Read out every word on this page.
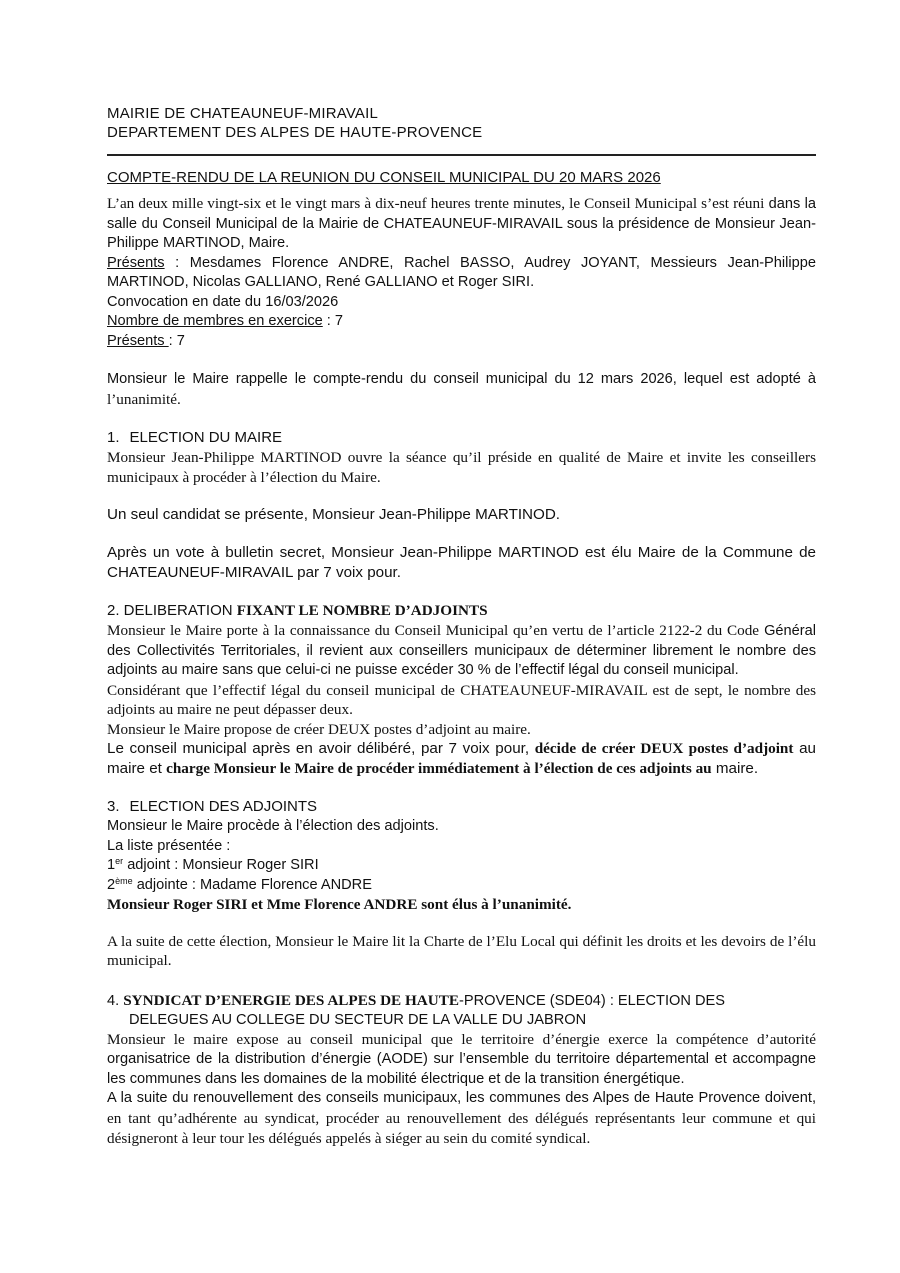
MAIRIE DE CHATEAUNEUF-MIRAVAIL
DEPARTEMENT DES ALPES DE HAUTE-PROVENCE
COMPTE-RENDU DE LA REUNION DU CONSEIL MUNICIPAL DU 20 MARS 2026

L’an deux mille vingt-six et le vingt mars à dix-neuf heures trente minutes, le Conseil Municipal s’est réuni dans la salle du Conseil Municipal de la Mairie de CHATEAUNEUF-MIRAVAIL sous la présidence de Monsieur Jean-Philippe MARTINOD, Maire.

Présents : Mesdames Florence ANDRE, Rachel BASSO, Audrey JOYANT, Messieurs Jean-Philippe MARTINOD, Nicolas GALLIANO, René GALLIANO et Roger SIRI.

Convocation en date du 16/03/2026

Nombre de membres en exercice : 7

Présents : 7

Monsieur le Maire rappelle le compte-rendu du conseil municipal du 12 mars 2026, lequel est adopté à l’unanimité.

1. ELECTION DU MAIRE

Monsieur Jean-Philippe MARTINOD ouvre la séance qu’il préside en qualité de Maire et invite les conseillers municipaux à procéder à l’élection du Maire.

Un seul candidat se présente, Monsieur Jean-Philippe MARTINOD.

Après un vote à bulletin secret, Monsieur Jean-Philippe MARTINOD est élu Maire de la Commune de CHATEAUNEUF-MIRAVAIL par 7 voix pour.

2. DELIBERATION FIXANT LE NOMBRE D’ADJOINTS

Monsieur le Maire porte à la connaissance du Conseil Municipal qu’en vertu de l’article 2122-2 du Code Général des Collectivités Territoriales, il revient aux conseillers municipaux de déterminer librement le nombre des adjoints au maire sans que celui-ci ne puisse excéder 30 % de l’effectif légal du conseil municipal.

Considérant que l’effectif légal du conseil municipal de CHATEAUNEUF-MIRAVAIL est de sept, le nombre des adjoints au maire ne peut dépasser deux.

Monsieur le Maire propose de créer DEUX postes d’adjoint au maire.

Le conseil municipal après en avoir délibéré, par 7 voix pour, décide de créer DEUX postes d’adjoint au maire et charge Monsieur le Maire de procéder immédiatement à l’élection de ces adjoints au maire.

3. ELECTION DES ADJOINTS

Monsieur le Maire procède à l’élection des adjoints.

La liste présentée :

1er adjoint : Monsieur Roger SIRI

2ème adjointe : Madame Florence ANDRE

Monsieur Roger SIRI et Mme Florence ANDRE sont élus à l’unanimité.

A la suite de cette élection, Monsieur le Maire lit la Charte de l’Elu Local qui définit les droits et les devoirs de l’élu municipal.

4. SYNDICAT D’ENERGIE DES ALPES DE HAUTE-PROVENCE (SDE04) : ELECTION DES
DELEGUES AU COLLEGE DU SECTEUR DE LA VALLE DU JABRON

Monsieur le maire expose au conseil municipal que le territoire d’énergie exerce la compétence d’autorité organisatrice de la distribution d’énergie (AODE) sur l’ensemble du territoire départemental et accompagne les communes dans les domaines de la mobilité électrique et de la transition énergétique.

A la suite du renouvellement des conseils municipaux, les communes des Alpes de Haute Provence doivent, en tant qu’adhérente au syndicat, procéder au renouvellement des délégués représentants leur commune et qui désigneront à leur tour les délégués appelés à siéger au sein du comité syndical.
